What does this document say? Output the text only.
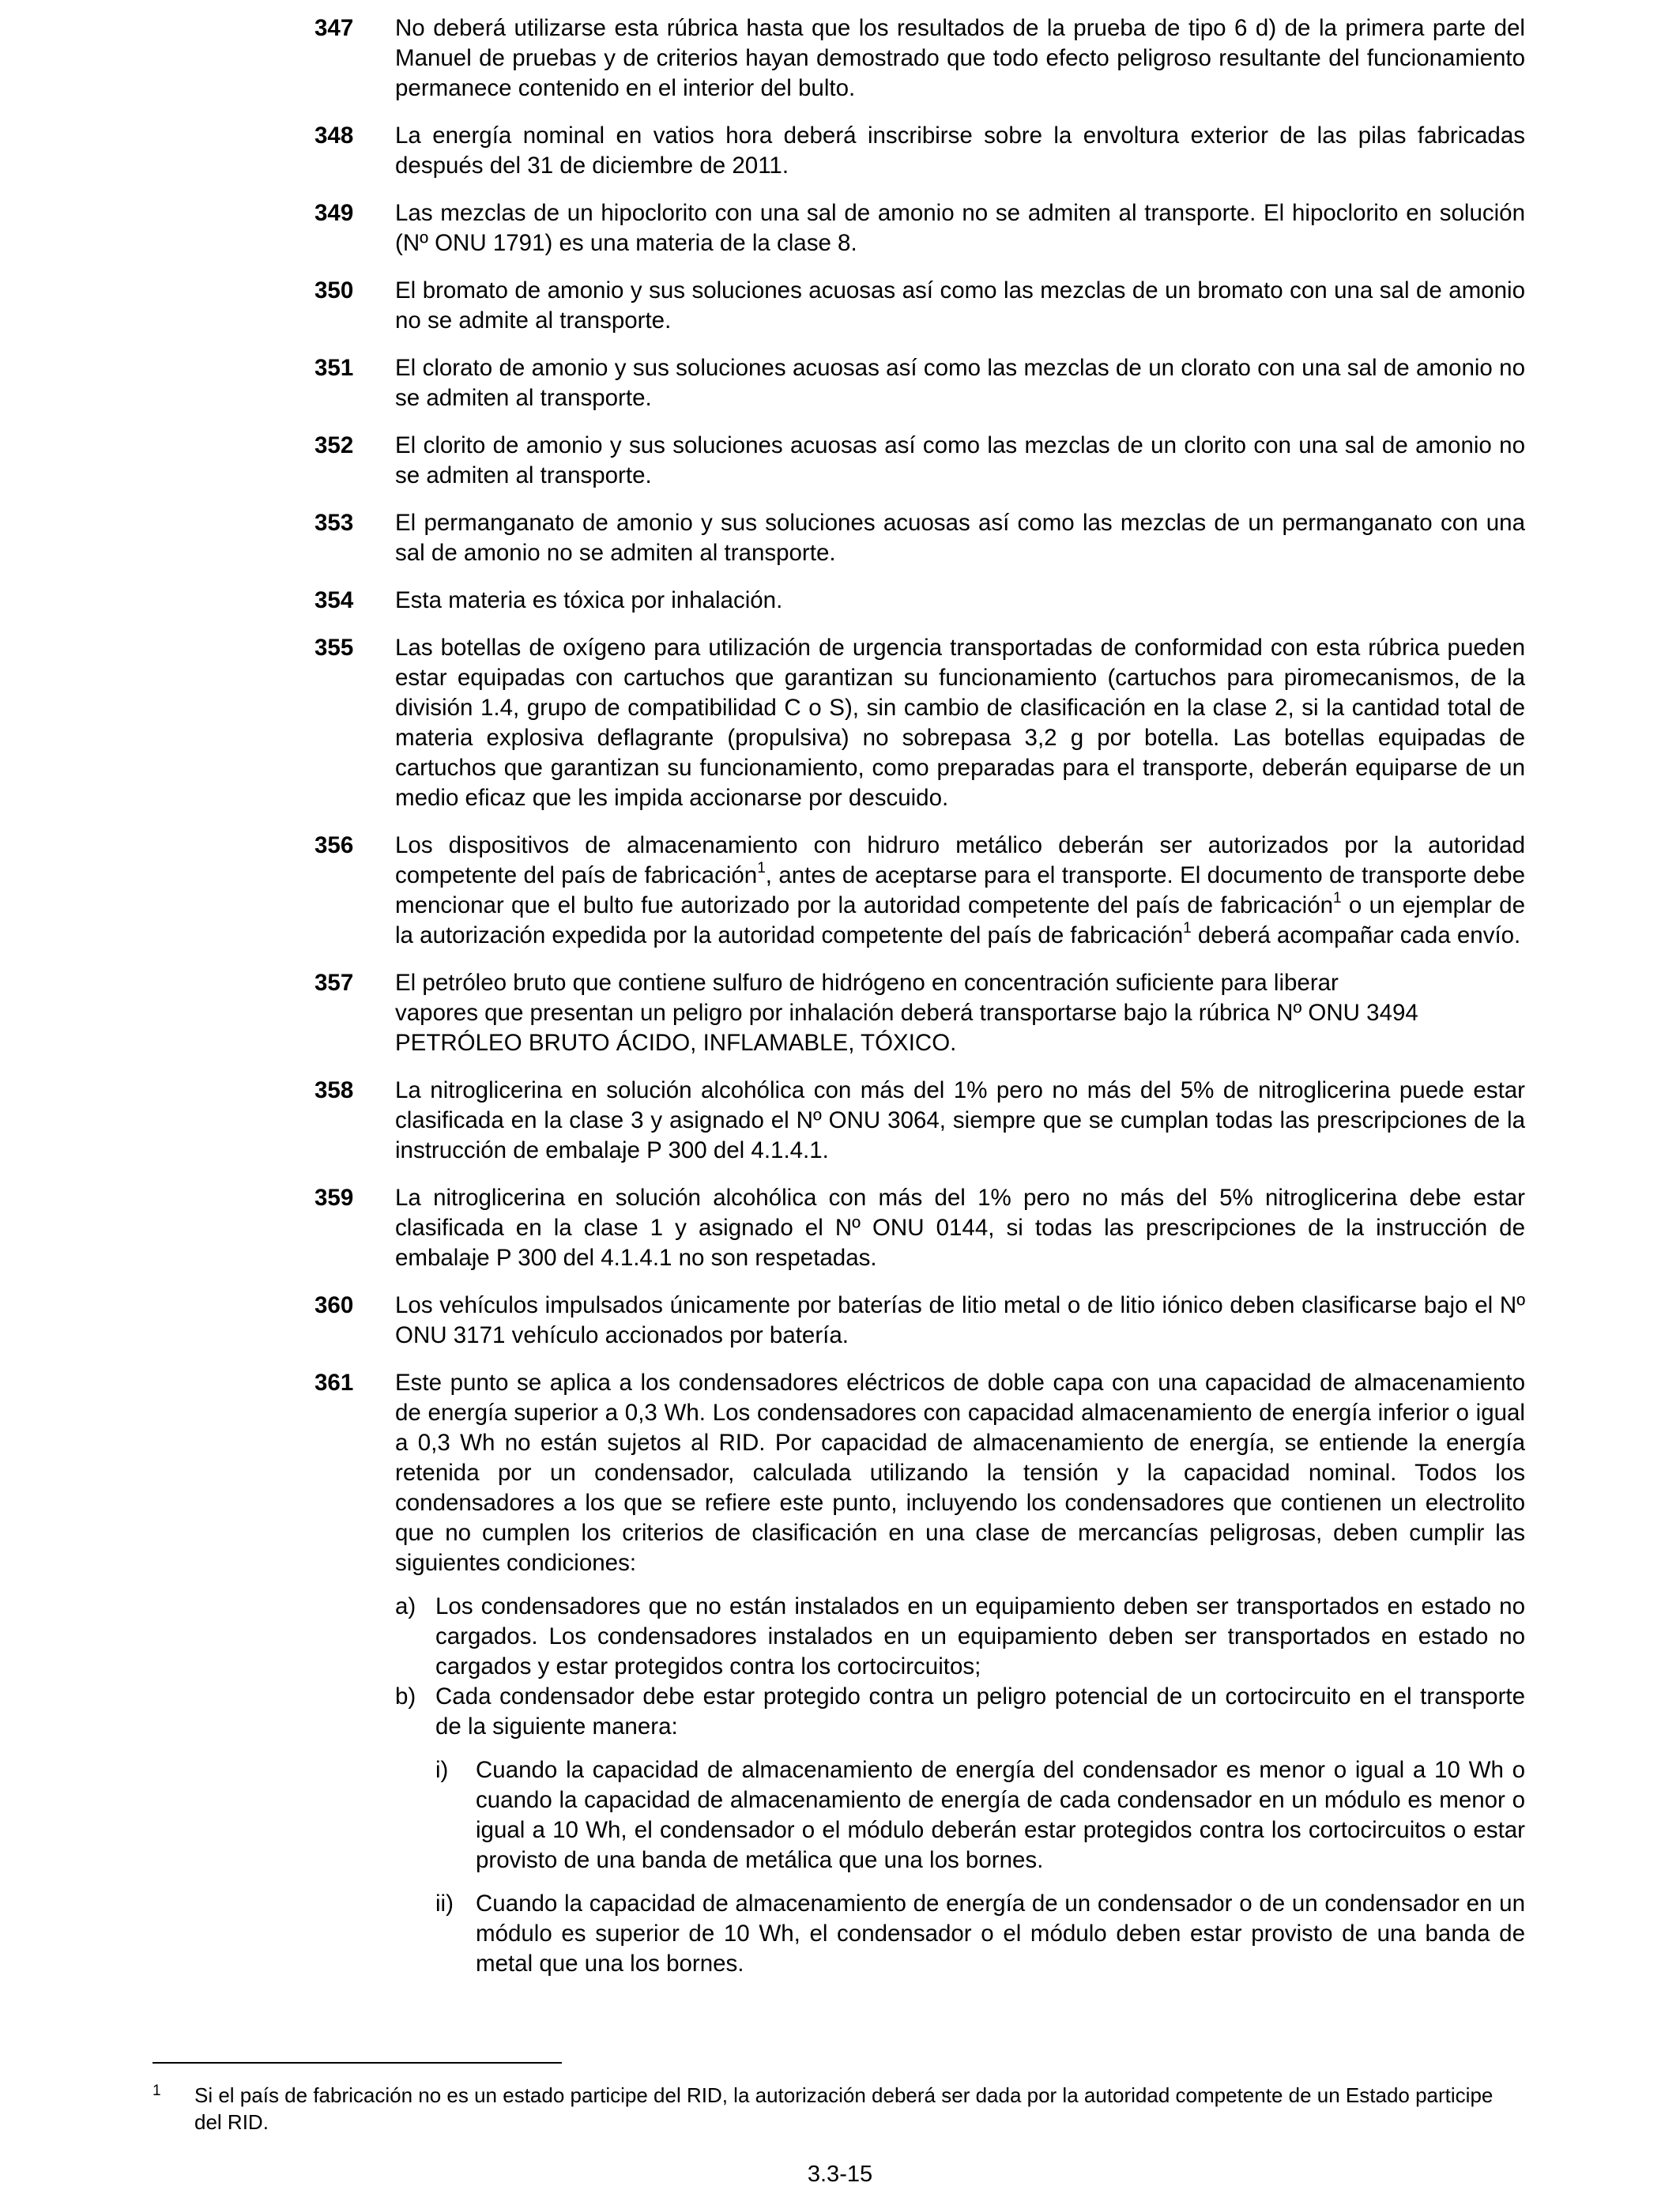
347	No deberá utilizarse esta rúbrica hasta que los resultados de la prueba de tipo 6 d) de la primera parte del Manuel de pruebas y de criterios hayan demostrado que todo efecto peligroso resultante del funcionamiento permanece contenido en el interior del bulto.
348	La energía nominal en vatios hora deberá inscribirse sobre la envoltura exterior de las pilas fabricadas después del 31 de diciembre de 2011.
349	Las mezclas de un hipoclorito con una sal de amonio no se admiten al transporte. El hipoclorito en solución (Nº ONU 1791) es una materia de la clase 8.
350	El bromato de amonio y sus soluciones acuosas así como las mezclas de un bromato con una sal de amonio no se admite al transporte.
351	El clorato de amonio y sus soluciones acuosas así como las mezclas de un clorato con una sal de amonio no se admiten al transporte.
352	El clorito de amonio y sus soluciones acuosas así como las mezclas de un clorito con una sal de amonio no se admiten al transporte.
353	El permanganato de amonio y sus soluciones acuosas así como las mezclas de un permanganato con una sal de amonio no se admiten al transporte.
354	Esta materia es tóxica por inhalación.
355	Las botellas de oxígeno para utilización de urgencia transportadas de conformidad con esta rúbrica pueden estar equipadas con cartuchos que garantizan su funcionamiento (cartuchos para piromecanismos, de la división 1.4, grupo de compatibilidad C o S), sin cambio de clasificación en la clase 2, si la cantidad total de materia explosiva deflagrante (propulsiva) no sobrepasa 3,2 g por botella. Las botellas equipadas de cartuchos que garantizan su funcionamiento, como preparadas para el transporte, deberán equiparse de un medio eficaz que les impida accionarse por descuido.
356	Los dispositivos de almacenamiento con hidruro metálico deberán ser autorizados por la autoridad competente del país de fabricación$^1$, antes de aceptarse para el transporte. El documento de transporte debe mencionar que el bulto fue autorizado por la autoridad competente del país de fabricación$^1$ o un ejemplar de la autorización expedida por la autoridad competente del país de fabricación$^1$ deberá acompañar cada envío.
357	El petróleo bruto que contiene sulfuro de hidrógeno en concentración suficiente para liberar
vapores que presentan un peligro por inhalación deberá transportarse bajo la rúbrica Nº ONU 3494
PETRÓLEO BRUTO ÁCIDO, INFLAMABLE, TÓXICO.
358	La nitroglicerina en solución alcohólica con más del 1% pero no más del 5% de nitroglicerina puede estar clasificada en la clase 3 y asignado el Nº ONU 3064, siempre que se cumplan todas las prescripciones de la instrucción de embalaje P 300 del 4.1.4.1.
359	La nitroglicerina en solución alcohólica con más del 1% pero no más del 5% nitroglicerina debe estar clasificada en la clase 1 y asignado el Nº ONU 0144, si todas las prescripciones de la instrucción de embalaje P 300 del 4.1.4.1 no son respetadas.
360	Los vehículos impulsados únicamente por baterías de litio metal o de litio iónico deben clasificarse bajo el Nº ONU 3171 vehículo accionados por batería.
361	Este punto se aplica a los condensadores eléctricos de doble capa con una capacidad de almacenamiento de energía superior a 0,3 Wh. Los condensadores con capacidad almacenamiento de energía inferior o igual a 0,3 Wh no están sujetos al RID. Por capacidad de almacenamiento de energía, se entiende la energía retenida por un condensador, calculada utilizando la tensión y la capacidad nominal. Todos los condensadores a los que se refiere este punto, incluyendo los condensadores que contienen un electrolito que no cumplen los criterios de clasificación en una clase de mercancías peligrosas, deben cumplir las siguientes condiciones:
a) Los condensadores que no están instalados en un equipamiento deben ser transportados en estado no cargados. Los condensadores instalados en un equipamiento deben ser transportados en estado no cargados y estar protegidos contra los cortocircuitos;
b) Cada condensador debe estar protegido contra un peligro potencial de un cortocircuito en el transporte de la siguiente manera:
i)	Cuando la capacidad de almacenamiento de energía del condensador es menor o igual a 10 Wh o cuando la capacidad de almacenamiento de energía de cada condensador en un módulo es menor o igual a 10 Wh, el condensador o el módulo deberán estar protegidos contra los cortocircuitos o estar provisto de una banda de metálica que una los bornes.
ii) Cuando la capacidad de almacenamiento de energía de un condensador o de un condensador en un módulo es superior de 10 Wh, el condensador o el módulo deben estar provisto de una banda de metal que una los bornes.
1	Si el país de fabricación no es un estado participe del RID, la autorización deberá ser dada por la autoridad competente de un Estado participe del RID.
3.3-15
